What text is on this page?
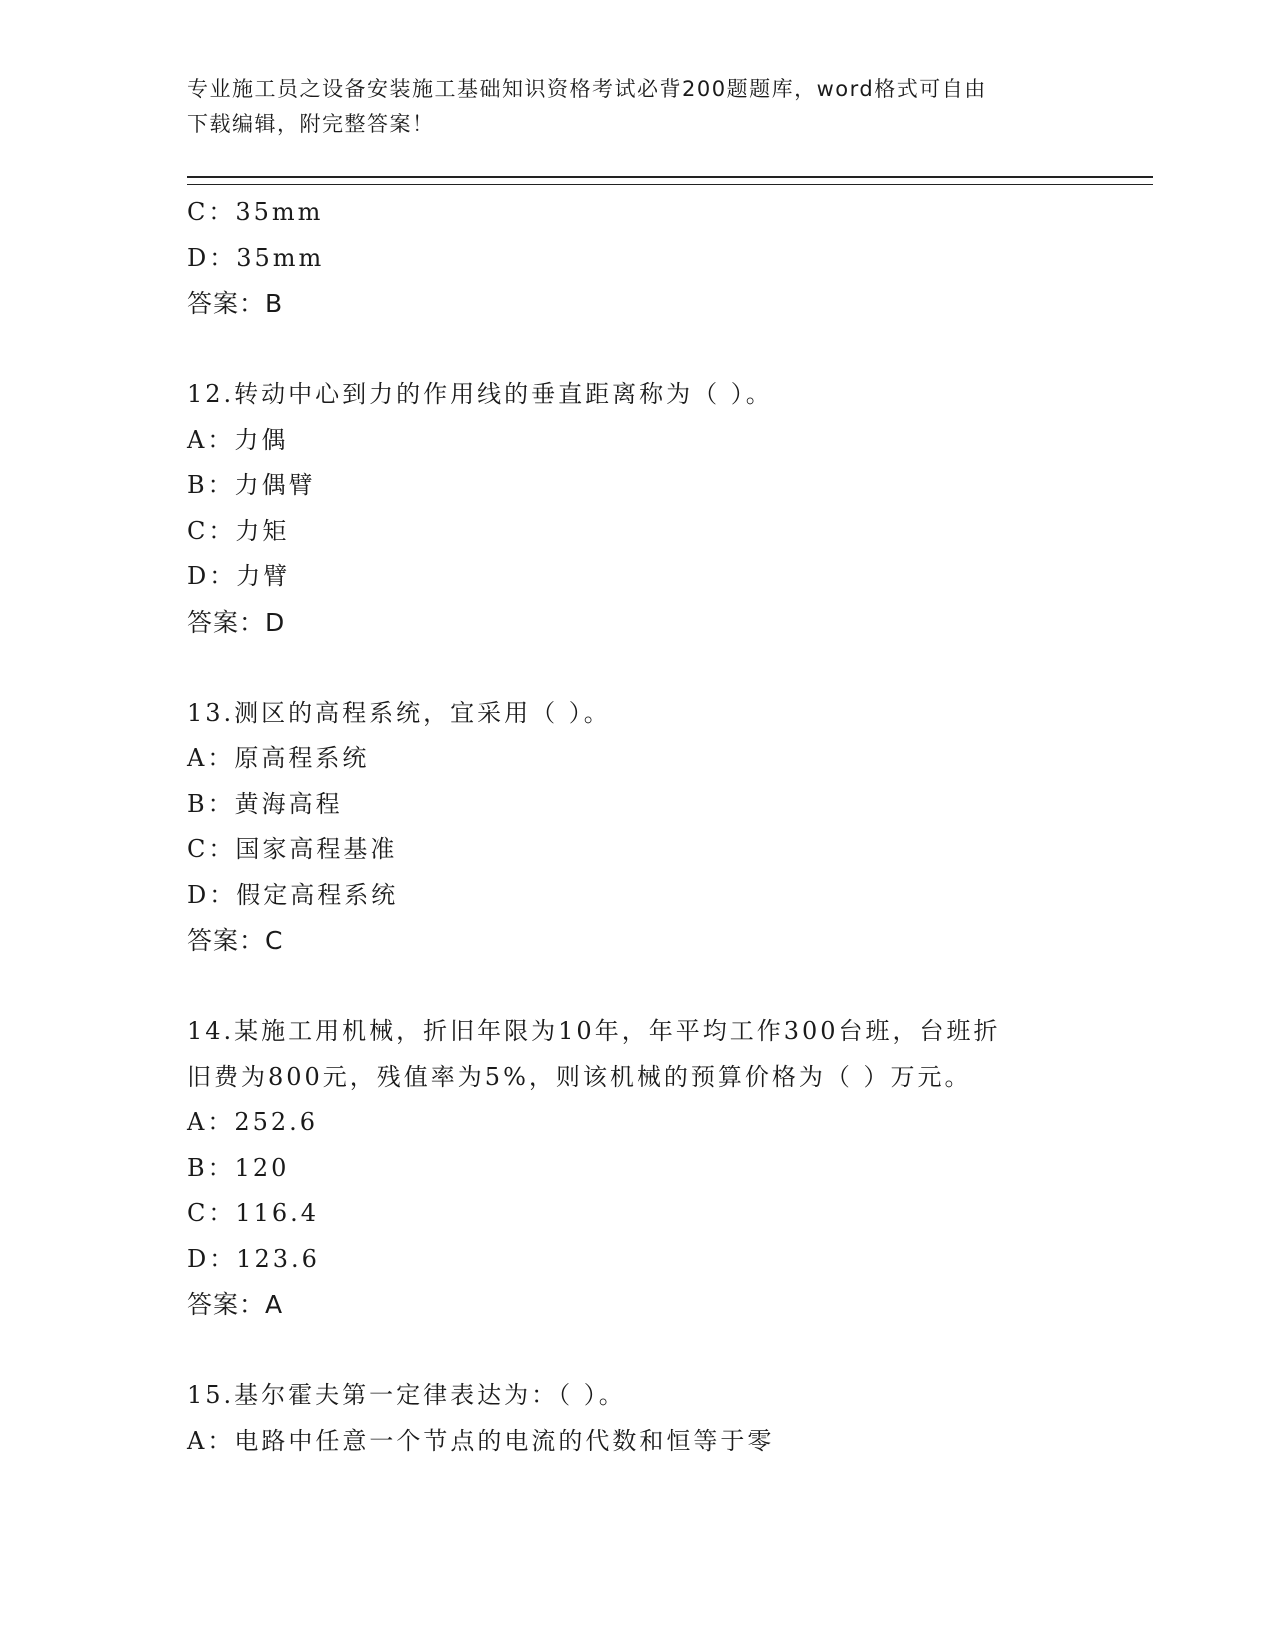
专业施工员之设备安装施工基础知识资格考试必背200题题库，word格式可自由
下载编辑，附完整答案！
C：35mm
D：35mm
答案：B
12.转动中心到力的作用线的垂直距离称为（ ）。
A：力偶
B：力偶臂
C：力矩
D：力臂
答案：D
13.测区的高程系统，宜采用（ ）。
A：原高程系统
B：黄海高程
C：国家高程基准
D：假定高程系统
答案：C
14.某施工用机械，折旧年限为10年，年平均工作300台班，台班折
旧费为800元，残值率为5%，则该机械的预算价格为（ ）万元。
A：252.6
B：120
C：116.4
D：123.6
答案：A
15.基尔霍夫第一定律表达为：（ ）。
A：电路中任意一个节点的电流的代数和恒等于零
